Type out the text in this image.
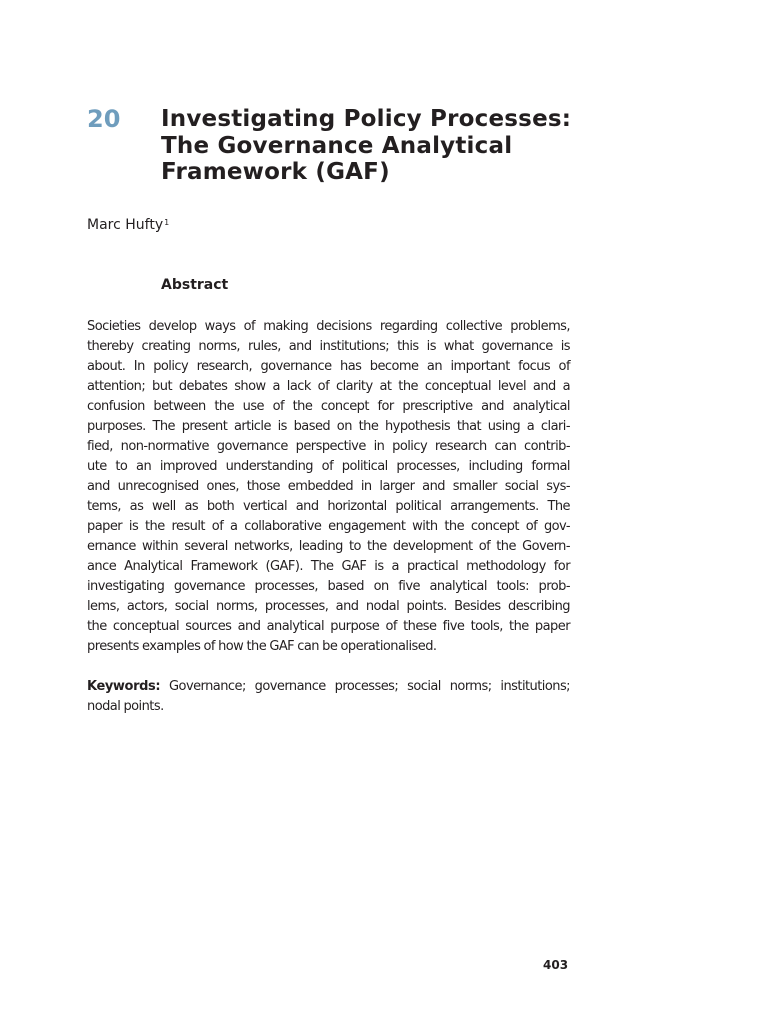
20 Investigating Policy Processes:
The Governance Analytical
Framework (GAF)
Marc Hufty$^1$
Abstract
Societies develop ways of making decisions regarding collective problems,
thereby creating norms, rules, and institutions; this is what governance is
about. In policy research, governance has become an important focus of
attention; but debates show a lack of clarity at the conceptual level and a
confusion between the use of the concept for prescriptive and analytical
purposes. The present article is based on the hypothesis that using a clari-
fied, non-normative governance perspective in policy research can contrib-
ute to an improved understanding of political processes, including formal
and unrecognised ones, those embedded in larger and smaller social sys-
tems, as well as both vertical and horizontal political arrangements. The
paper is the result of a collaborative engagement with the concept of gov-
ernance within several networks, leading to the development of the Govern-
ance Analytical Framework (GAF). The GAF is a practical methodology for
investigating governance processes, based on five analytical tools: prob-
lems, actors, social norms, processes, and nodal points. Besides describing
the conceptual sources and analytical purpose of these five tools, the paper
presents examples of how the GAF can be operationalised.
Keywords: Governance; governance processes; social norms; institutions;
nodal points.
403
